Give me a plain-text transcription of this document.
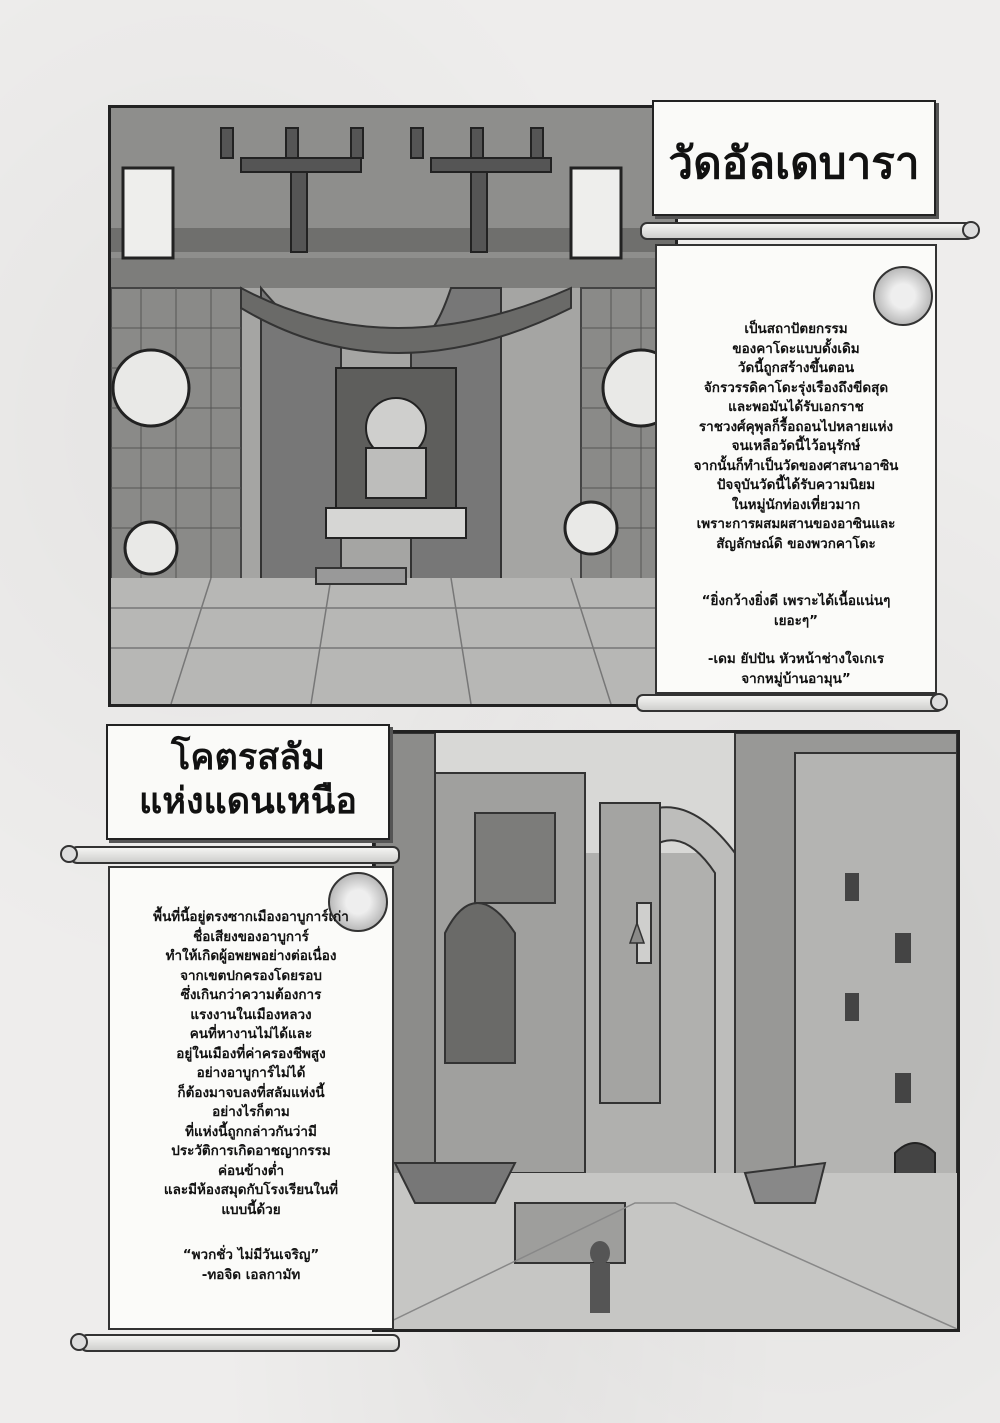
วัดอัลเดบารา
เป็นสถาปัตยกรรม
ของคาโดะแบบดั้งเดิม
วัดนี้ถูกสร้างขึ้นตอน
จักรวรรดิคาโดะรุ่งเรืองถึงขีดสุด
และพอมันได้รับเอกราช
ราชวงศ์คุพุลก็รื้อถอนไปหลายแห่ง
จนเหลือวัดนี้ไว้อนุรักษ์
จากนั้นก็ทำเป็นวัดของศาสนาอาซิน
ปัจจุบันวัดนี้ได้รับความนิยม
ในหมู่นักท่องเที่ยวมาก
เพราะการผสมผสานของอาซินและ
สัญลักษณ์ดิ ของพวกคาโดะ
“ยิ่งกว้างยิ่งดี เพราะได้เนื้อแน่นๆ
เยอะๆ”
-เดม ยัปปัน หัวหน้าช่างใจเกเร
จากหมู่บ้านอามุน”
โคตรสลัม
แห่งแดนเหนือ
พื้นที่นี้อยู่ตรงซากเมืองอาบูการ์เก่า
ชื่อเสียงของอาบูการ์
ทำให้เกิดผู้อพยพอย่างต่อเนื่อง
จากเขตปกครองโดยรอบ
ซึ่งเกินกว่าความต้องการ
แรงงานในเมืองหลวง
คนที่หางานไม่ได้และ
อยู่ในเมืองที่ค่าครองชีพสูง
อย่างอาบูการ์ไม่ได้
ก็ต้องมาจบลงที่สลัมแห่งนี้
อย่างไรก็ตาม
ที่แห่งนี้ถูกกล่าวกันว่ามี
ประวัติการเกิดอาชญากรรม
ค่อนข้างต่ำ
และมีห้องสมุดกับโรงเรียนในที่
แบบนี้ด้วย
“พวกชั่ว ไม่มีวันเจริญ”
-ทอจิด เอลกามัท
